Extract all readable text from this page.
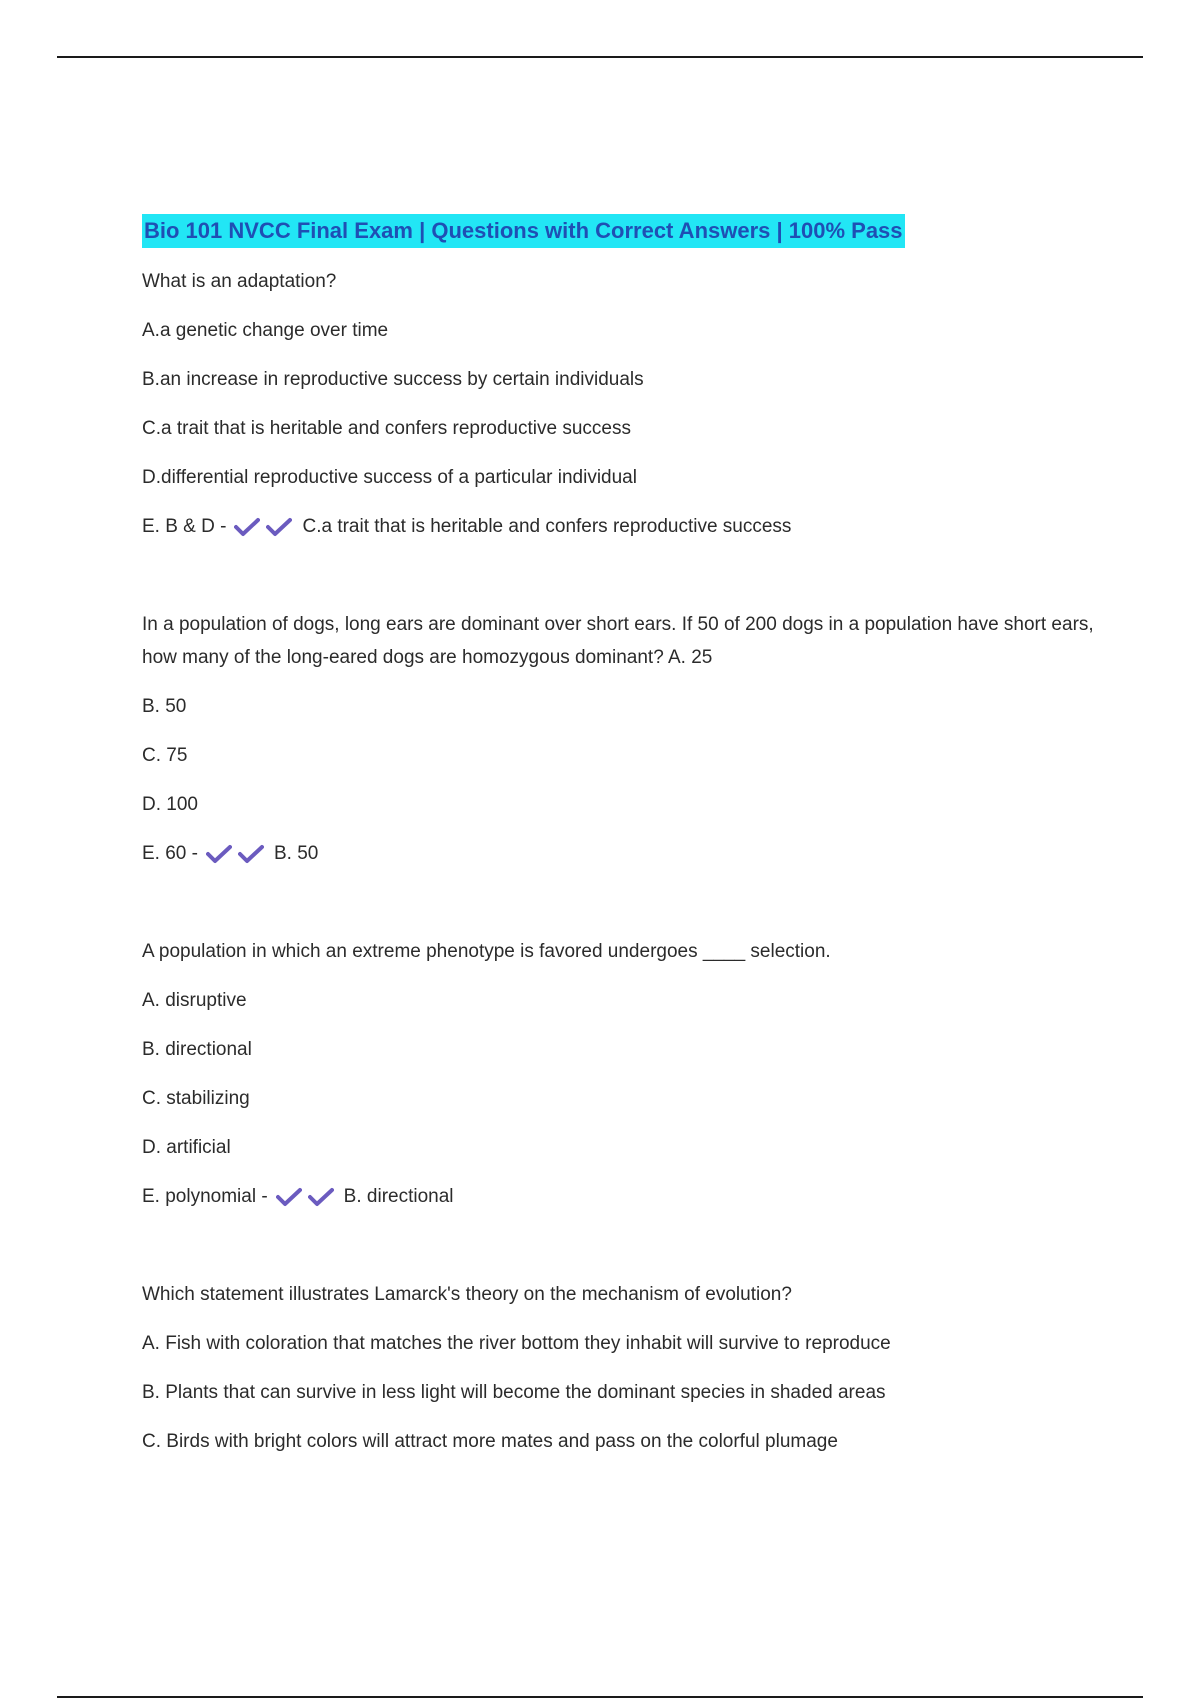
Bio 101 NVCC Final Exam | Questions with Correct Answers | 100% Pass
What is an adaptation?
A.a genetic change over time
B.an increase in reproductive success by certain individuals
C.a trait that is heritable and confers reproductive success
D.differential reproductive success of a particular individual
E. B & D -	C.a trait that is heritable and confers reproductive success
In a population of dogs, long ears are dominant over short ears. If 50 of 200 dogs in a population have short ears, how many of the long-eared dogs are homozygous dominant? A. 25
B. 50
C. 75
D. 100
E. 60 -	B. 50
A population in which an extreme phenotype is favored undergoes ____ selection.
A. disruptive
B. directional
C. stabilizing
D. artificial
E. polynomial -	B. directional
Which statement illustrates Lamarck's theory on the mechanism of evolution?
A. Fish with coloration that matches the river bottom they inhabit will survive to reproduce
B. Plants that can survive in less light will become the dominant species in shaded areas
C. Birds with bright colors will attract more mates and pass on the colorful plumage
